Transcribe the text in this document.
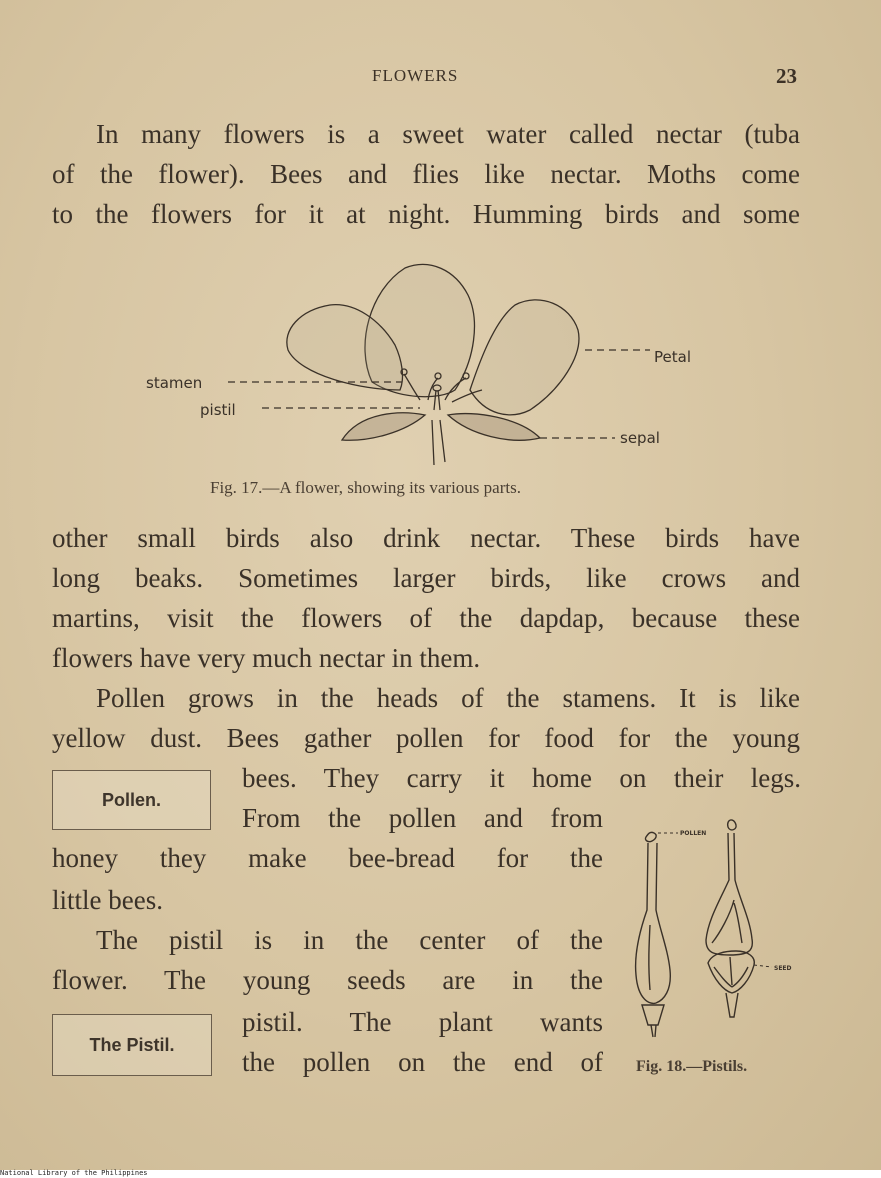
FLOWERS	23
In many flowers is a sweet water called nectar (tuba
of the flower). Bees and flies like nectar. Moths come
to the flowers for it at night. Humming birds and some
stamen
pistil
Petal
sepal
Fig. 17.—A flower, showing its various parts.
other small birds also drink nectar. These birds have
long beaks. Sometimes larger birds, like crows and
martins, visit the flowers of the dapdap, because these
flowers have very much nectar in them.
Pollen grows in the heads of the stamens. It is like
yellow dust. Bees gather pollen for food for the young
bees. They carry it home on their legs.
From the pollen and from
honey they make bee-bread for the
little bees.
The pistil is in the center of the
flower. The young seeds are in the
pistil. The plant wants
the pollen on the end of
Pollen.
The Pistil.
POLLEN
SEED
Fig. 18.—Pistils.
National Library of the Philippines
